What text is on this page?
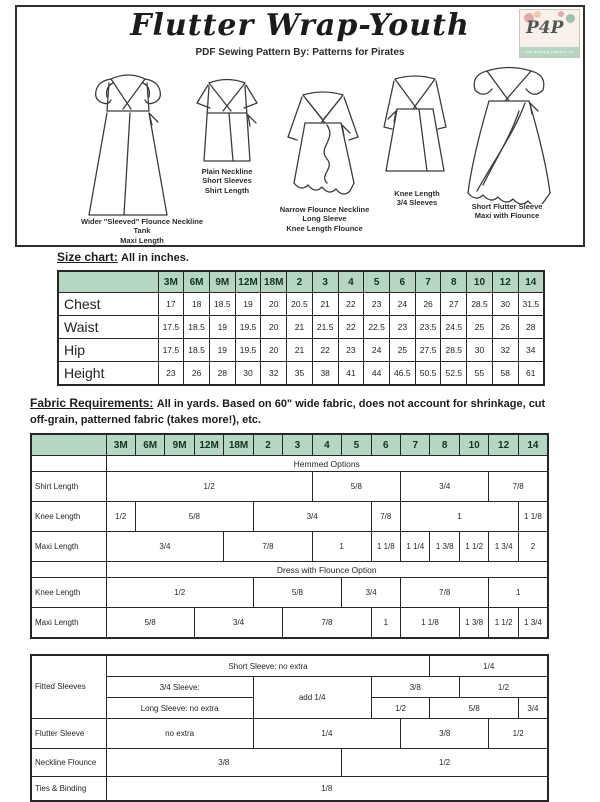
Wider "Sleeved" Flounce Neckline
Tank
Maxi Length
Plain Neckline
Short Sleeves
Shirt Length
Narrow Flounce Neckline
Long Sleeve
Knee Length Flounce
Knee Length
3/4 Sleeves	Short Flutter Sleeve
Maxi with Flounce
Flutter Wrap-Youth
PDF Sewing Pattern By: Patterns for Pirates
P4P
the sewing pattern co
Size chart: All in inches.
	3M	6M	9M	12M	18M	2	3	4	5	6	7	8	10	12	14
Chest	17	18	18.5	19	20	20.5	21	22	23	24	26	27	28.5	30	31.5
Waist	17.5	18.5	19	19.5	20	21	21.5	22	22.5	23	23.5	24.5	25	26	28
Hip	17.5	18.5	19	19.5	20	21	22	23	24	25	27.5	28.5	30	32	34
Height	23	26	28	30	32	35	38	41	44	46.5	50.5	52.5	55	58	61
Fabric Requirements: All in yards. Based on 60" wide fabric, does not account for shrinkage, cut off-grain, patterned fabric (takes more!), etc.
	3M	6M	9M	12M	18M	2	3	4	5	6	7	8	10	12	14
	Hemmed Options														
Shirt Length	1/2							5/8			3/4			7/8	
Knee Length	1/2	5/8				3/4				7/8	1				1 1/8
Maxi Length	3/4				7/8			1		1 1/8	1 1/4	1 3/8	1 1/2	1 3/4	2
	Dress with Flounce Option														
Knee Length	1/2					5/8			3/4		7/8			1	
Maxi Length	5/8			3/4			7/8			1	1 1/8		1 3/8	1 1/2	1 3/4
Fitted Sleeves	Short Sleeve: no extra					1/4			
	3/4 Sleeve:	add 1/4		3/8			1/2		
	Long Sleeve: no extra			1/2		5/8			3/4
Flutter Sleeve	no extra	1/4			3/8			1/2	
Neckline Flounce	3/8		1/2						
Ties & Binding	1/8								
